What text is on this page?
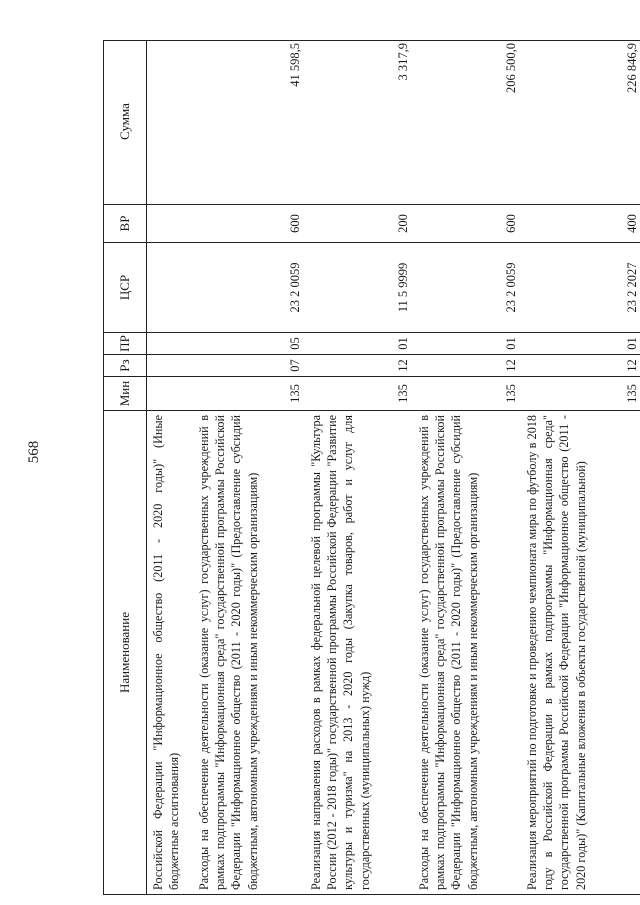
568
Наименование
Мин
Рз
ПР
ЦСР
ВР
Сумма
Российской Федерации "Информационное общество (2011 - 2020 годы)" (Иные бюджетные ассигнования)	Расходы на обеспечение деятельности (оказание услуг) государственных учреждений в рамках подпрограммы "Информационная среда" государственной программы Российской Федерации "Информационное общество (2011 - 2020 годы)" (Предоставление субсидий бюджетным, автономным учреждениям и иным некоммерческим организациям)
135
07
05
23 2 0059
600
41 598,5
Реализация направления расходов в рамках федеральной целевой программы "Культура России (2012 - 2018 годы)" государственной программы Российской Федерации "Развитие культуры и туризма" на 2013 - 2020 годы (Закупка товаров, работ и услуг для государственных (муниципальных) нужд)
135
12
01
11 5 9999
200
3 317,9
Расходы на обеспечение деятельности (оказание услуг) государственных учреждений в рамках подпрограммы "Информационная среда" государственной программы Российской Федерации "Информационное общество (2011 - 2020 годы)" (Предоставление субсидий бюджетным, автономным учреждениям и иным некоммерческим организациям)
135
12
01
23 2 0059
600
206 500,0
Реализация мероприятий по подготовке и проведению чемпионата мира по футболу в 2018 году в Российской Федерации в рамках подпрограммы "Информационная среда" государственной программы Российской Федерации "Информационное общество (2011 - 2020 годы)" (Капитальные вложения в объекты государственной (муниципальной)
135
12
01
23 2 2027
400
226 846,9
